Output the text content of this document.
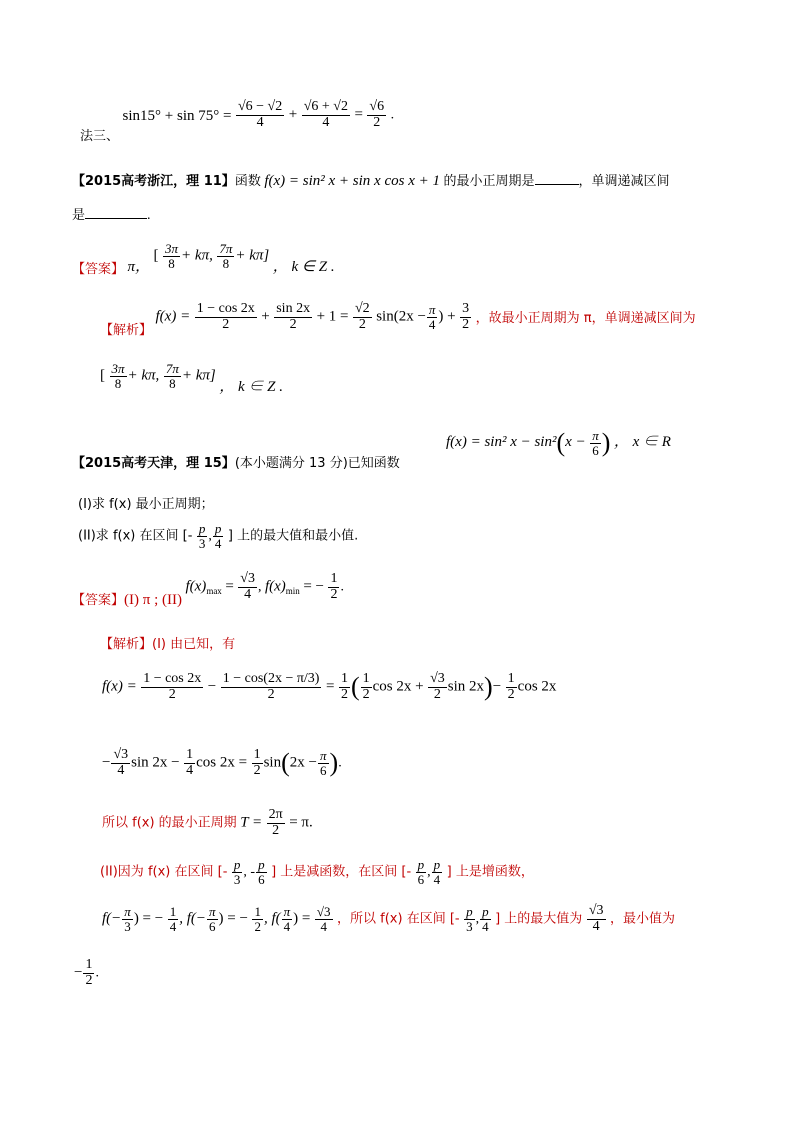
法三、 $\sin 15^\circ + \sin 75^\circ = \frac{√6 - √2}{4} + \frac{√6 + √2}{4} = \frac{√6}{2}$ .
【2015高考浙江，理 11】函数 f(x) = sin² x + sin x cos x + 1 的最小正周期是	，单调递减区间
是	.
【答案】 π， [ $\frac{3\pi}{8} + k\pi$, $\frac{7\pi}{8} + k\pi$] ， k ∈ Z .
【解析】 $f(x) = \frac{1 - \cos 2x}{2} + \frac{\sin 2x}{2} + 1 = \frac{√2}{2} \sin(2x - \frac{\pi}{4}$ ) + $\frac{3}{2}$ ，故最小正周期为 π，单调递减区间为
[ $\frac{3\pi}{8} + k\pi$, $\frac{7\pi}{8} + k\pi$] ， k ∈ Z .
【2015高考天津，理 15】(本小题满分 13 分)已知函数
f(x) = sin² $x - \sin^2(x - \frac{\pi}{6}$ ) ， x ∈ R
(I)求 f(x) 最小正周期；
(II)求 f(x) 在区间 [- $\frac{p}{3}$ , $\frac{p}{4}$ ] 上的最大值和最小值.
【答案】(I) π ; (II) $f(x)_{max} = \frac{√3}{4}$ , $f(x)_{min}$ = − $\frac{1}{2}$ .
【解析】(I) 由已知，有
$f(x) = \frac{1 - \cos 2x}{2} - \frac{1 - \cos(2x - \pi/3)}{2} = \frac{1}{2}$ ( $\frac{1}{2}$ $\cos 2x + \frac{√3}{2}$ $\sin 2x)- \frac{1}{2}$ cos 2x
− $\frac{√3}{4}$ $\sin 2x - \frac{1}{4}$ $\cos 2x = \frac{1}{2} \sin(2x - \frac{\pi}{6}$ ).
所以 f(x) 的最小正周期 $T = \frac{2\pi}{2} = \pi$.
(II)因为 f(x) 在区间 [- $\frac{p}{3}$ , - $\frac{p}{6}$ ] 上是减函数，在区间 [- $\frac{p}{6}$ , $\frac{p}{4}$ ] 上是增函数，
$f(- \frac{\pi}{3}$ ) = − $\frac{1}{4}$ , $f(- \frac{\pi}{6}$ ) = − $\frac{1}{2}$ , $f( \frac{\pi}{4}$ ) = $\frac{√3}{4}$ ，所以 f(x) 在区间 [- $\frac{p}{3}$ , $\frac{p}{4}$ ] 上的最大值为 $\frac{√3}{4}$ ，最小值为
− $\frac{1}{2}$ .
